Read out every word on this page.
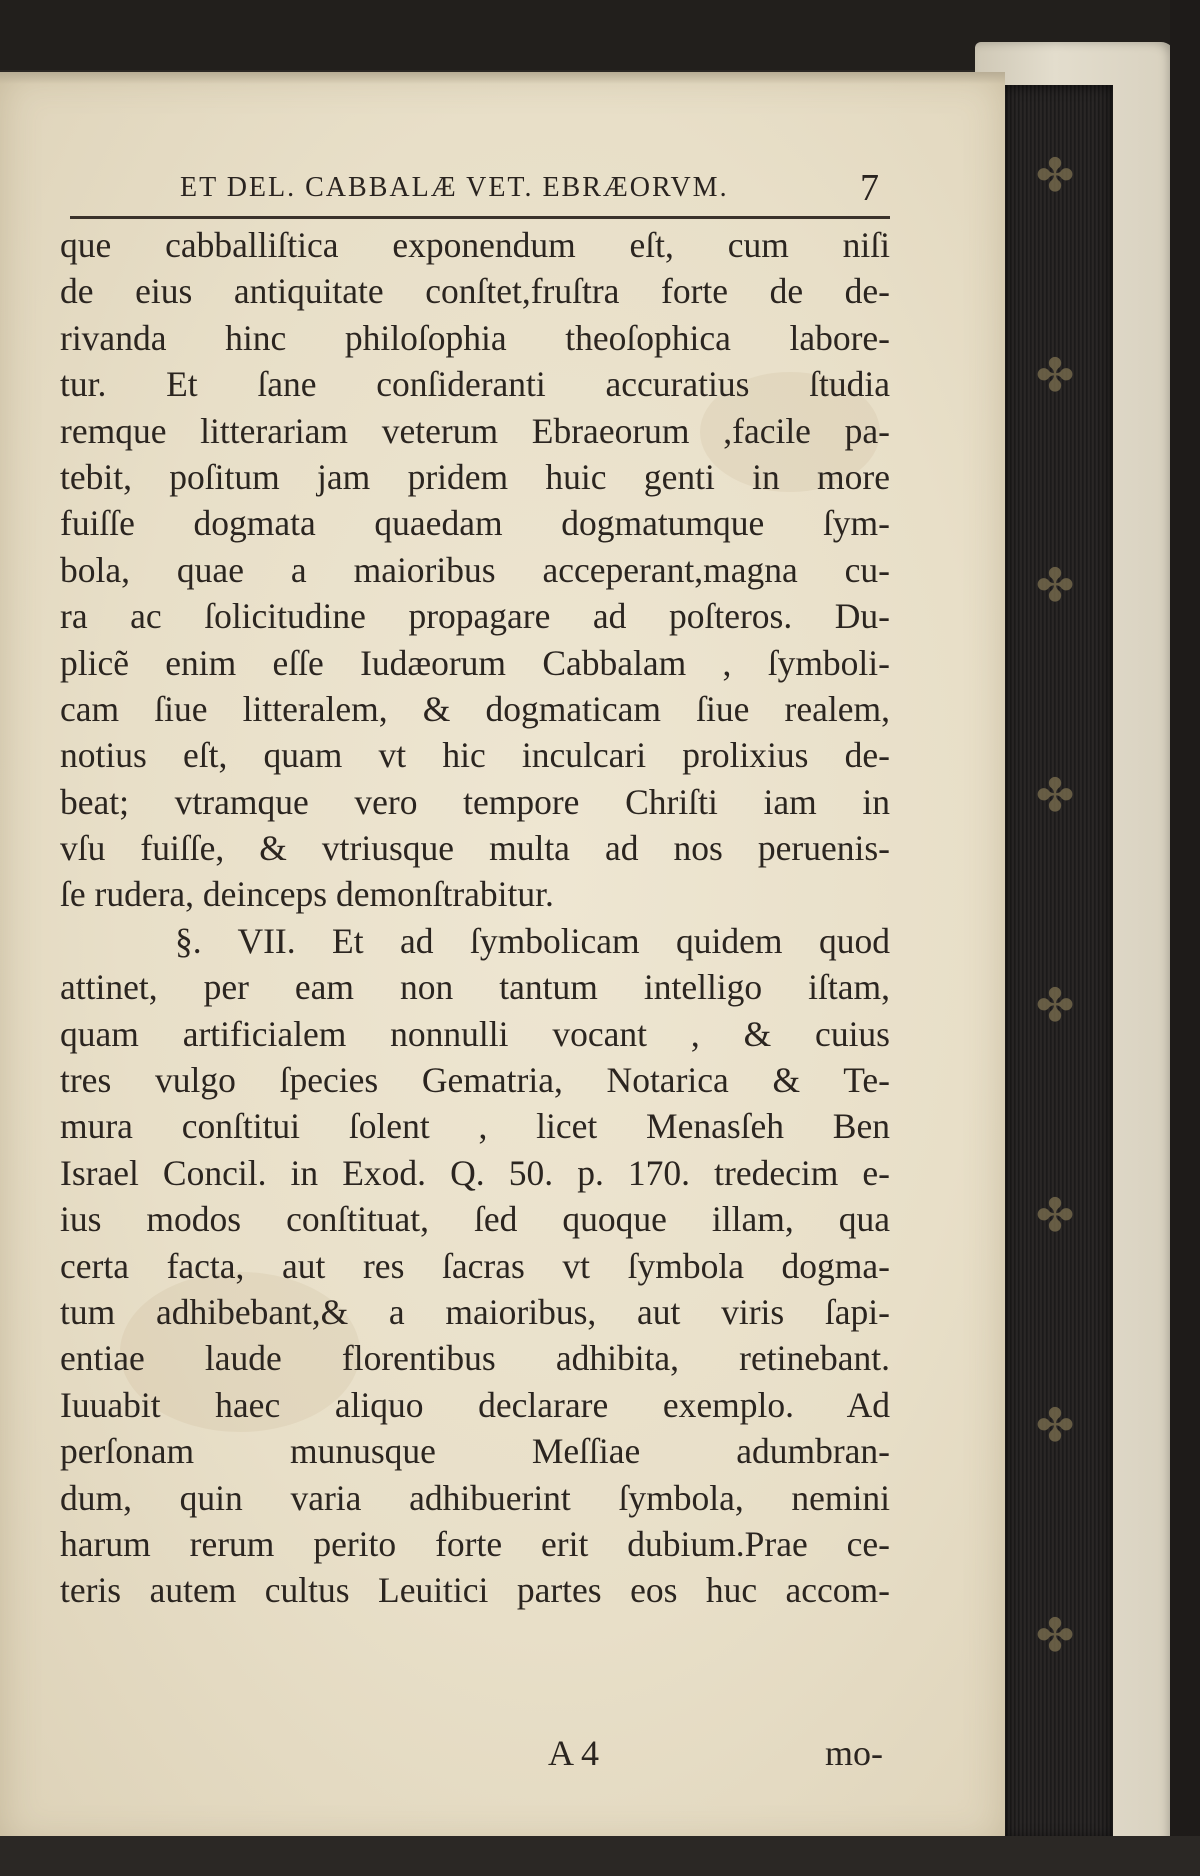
✤
✤
✤
✤
✤
✤
✤
✤
A 4	mo-
ET DEL. CABBALÆ VET. EBRÆORVM.	7
que cabballiſtica exponendum eſt, cum niſi
de eius antiquitate conſtet,fruſtra forte de de-
rivanda hinc philoſophia theoſophica labore-
tur. Et ſane conſideranti accuratius ſtudia
remque litterariam veterum Ebraeorum ,facile pa-
tebit, poſitum jam pridem huic genti in more
fuiſſe dogmata quaedam dogmatumque ſym-
bola, quae a maioribus acceperant,magna cu-
ra ac ſolicitudine propagare ad poſteros. Du-
plicẽ enim eſſe Iudæorum Cabbalam , ſymboli-
cam ſiue litteralem, & dogmaticam ſiue realem,
notius eſt, quam vt hic inculcari prolixius de-
beat; vtramque vero tempore Chriſti iam in
vſu fuiſſe, & vtriusque multa ad nos peruenis-
ſe rudera, deinceps demonſtrabitur.
§. VII. Et ad ſymbolicam quidem quod
attinet, per eam non tantum intelligo iſtam,
quam artificialem nonnulli vocant , & cuius
tres vulgo ſpecies Gematria, Notarica & Te-
mura conſtitui ſolent , licet Menasſeh Ben
Israel Concil. in Exod. Q. 50. p. 170. tredecim e-
ius modos conſtituat, ſed quoque illam, qua
certa facta, aut res ſacras vt ſymbola dogma-
tum adhibebant,& a maioribus, aut viris ſapi-
entiae laude florentibus adhibita, retinebant.
Iuuabit haec aliquo declarare exemplo. Ad
perſonam munusque Meſſiae adumbran-
dum, quin varia adhibuerint ſymbola, nemini
harum rerum perito forte erit dubium.Prae ce-
teris autem cultus Leuitici partes eos huc accom-
